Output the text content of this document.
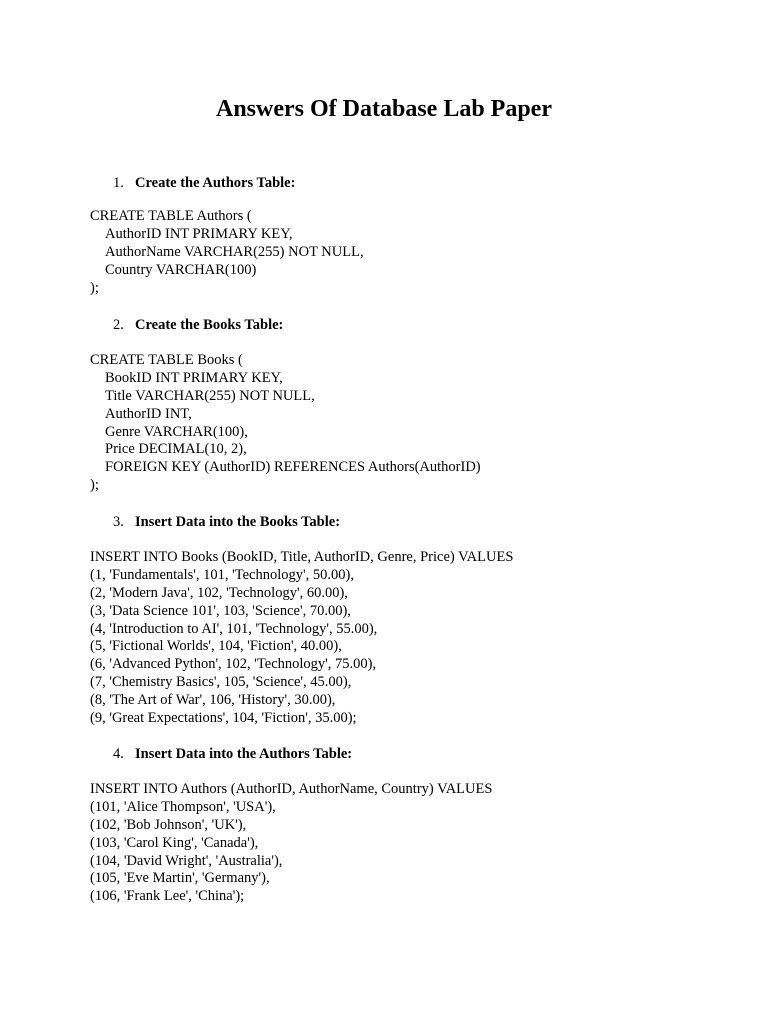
Answers Of Database Lab Paper
1. Create the Authors Table:
CREATE TABLE Authors (
AuthorID INT PRIMARY KEY,
AuthorName VARCHAR(255) NOT NULL,
Country VARCHAR(100)
);
2. Create the Books Table:
CREATE TABLE Books (
BookID INT PRIMARY KEY,
Title VARCHAR(255) NOT NULL,
AuthorID INT,
Genre VARCHAR(100),
Price DECIMAL(10, 2),
FOREIGN KEY (AuthorID) REFERENCES Authors(AuthorID)
);
3. Insert Data into the Books Table:
INSERT INTO Books (BookID, Title, AuthorID, Genre, Price) VALUES
(1, 'Fundamentals', 101, 'Technology', 50.00),
(2, 'Modern Java', 102, 'Technology', 60.00),
(3, 'Data Science 101', 103, 'Science', 70.00),
(4, 'Introduction to AI', 101, 'Technology', 55.00),
(5, 'Fictional Worlds', 104, 'Fiction', 40.00),
(6, 'Advanced Python', 102, 'Technology', 75.00),
(7, 'Chemistry Basics', 105, 'Science', 45.00),
(8, 'The Art of War', 106, 'History', 30.00),
(9, 'Great Expectations', 104, 'Fiction', 35.00);
4. Insert Data into the Authors Table:
INSERT INTO Authors (AuthorID, AuthorName, Country) VALUES
(101, 'Alice Thompson', 'USA'),
(102, 'Bob Johnson', 'UK'),
(103, 'Carol King', 'Canada'),
(104, 'David Wright', 'Australia'),
(105, 'Eve Martin', 'Germany'),
(106, 'Frank Lee', 'China');
